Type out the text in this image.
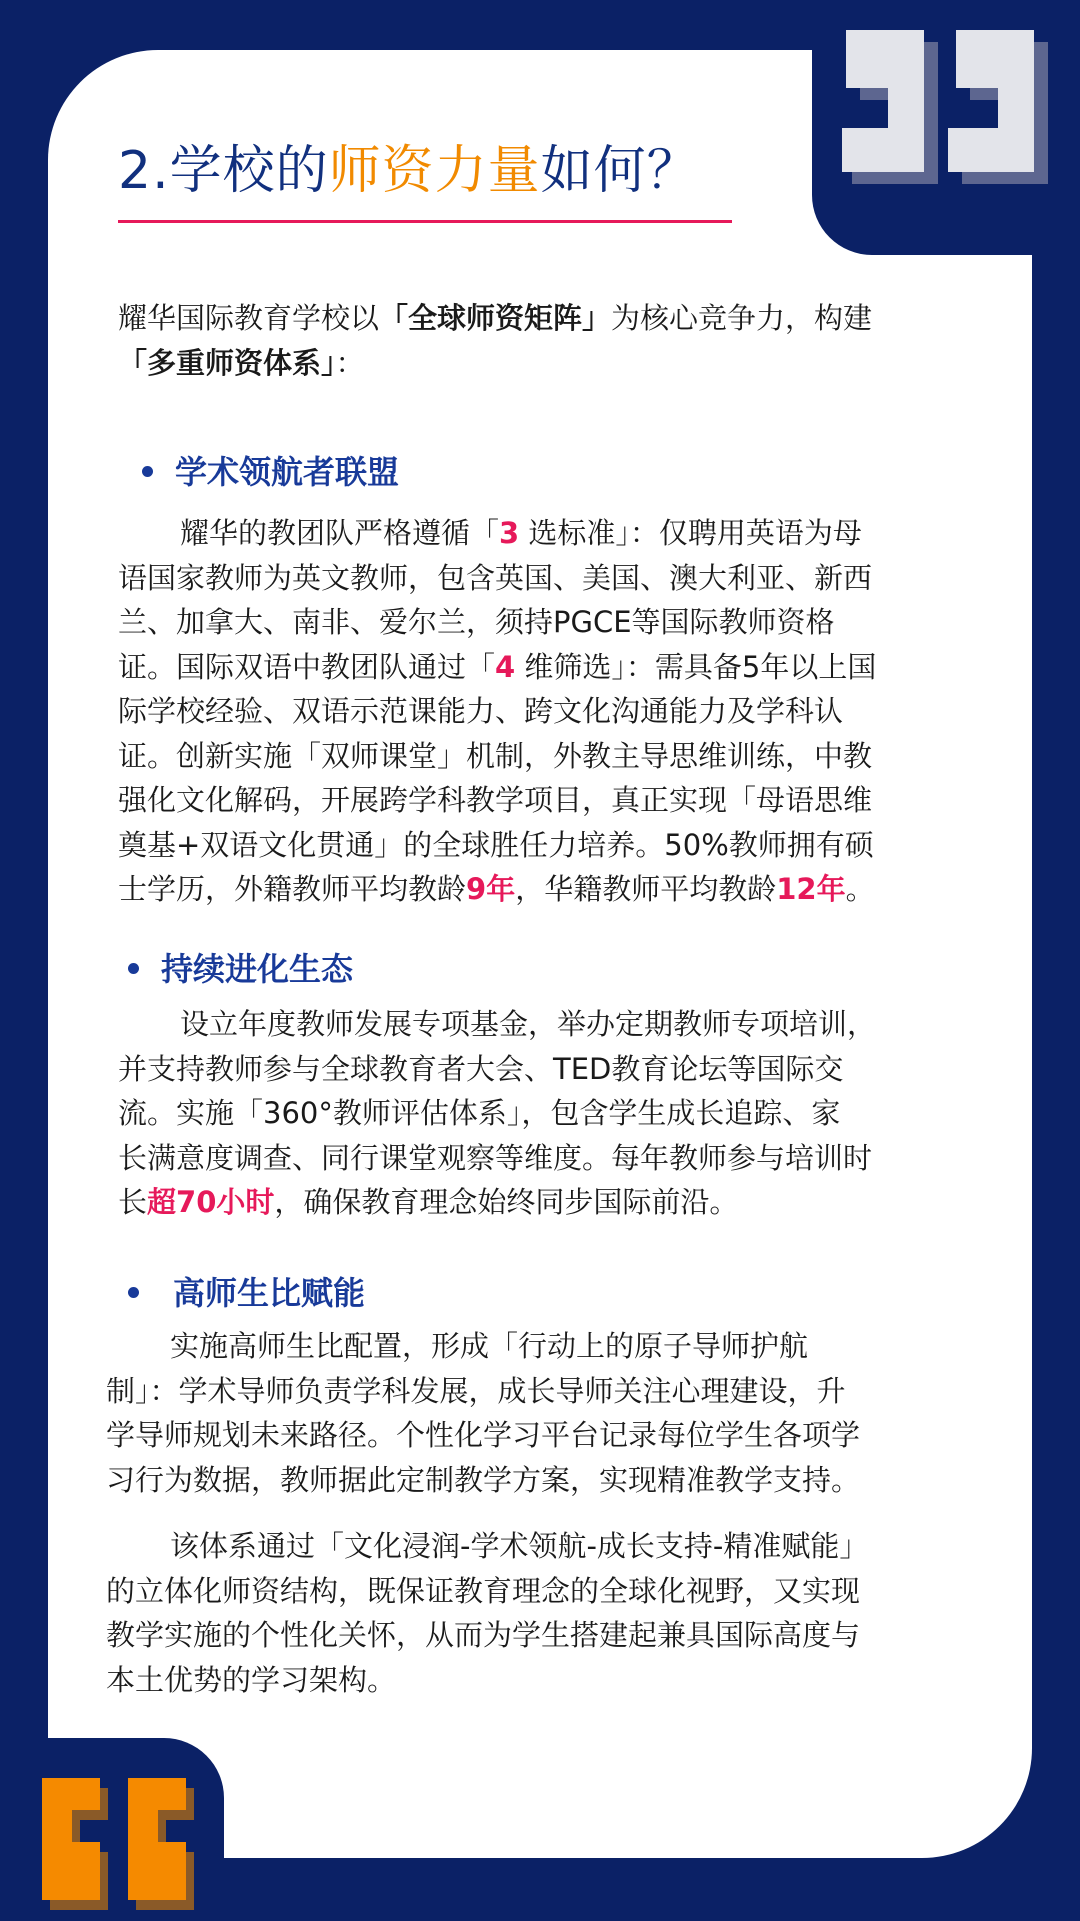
2.学校的师资力量如何？
耀华国际教育学校以「全球师资矩阵」为核心竞争力，构建
「多重师资体系」：
学术领航者联盟
耀华的教团队严格遵循「3 选标准」：仅聘用英语为母
语国家教师为英文教师，包含英国、美国、澳大利亚、新西
兰、加拿大、南非、爱尔兰，须持PGCE等国际教师资格
证。国际双语中教团队通过「4 维筛选」：需具备5年以上国
际学校经验、双语示范课能力、跨文化沟通能力及学科认
证。创新实施「双师课堂」机制，外教主导思维训练，中教
强化文化解码，开展跨学科教学项目，真正实现「母语思维
奠基+双语文化贯通」的全球胜任力培养。50%教师拥有硕
士学历，外籍教师平均教龄9年，华籍教师平均教龄12年。
持续进化生态
设立年度教师发展专项基金，举办定期教师专项培训，
并支持教师参与全球教育者大会、TED教育论坛等国际交
流。实施「360°教师评估体系」，包含学生成长追踪、家
长满意度调查、同行课堂观察等维度。每年教师参与培训时
长超70小时，确保教育理念始终同步国际前沿。
高师生比赋能
实施高师生比配置，形成「行动上的原子导师护航
制」：学术导师负责学科发展，成长导师关注心理建设，升
学导师规划未来路径。个性化学习平台记录每位学生各项学
习行为数据，教师据此定制教学方案，实现精准教学支持。
该体系通过「文化浸润-学术领航-成长支持-精准赋能」
的立体化师资结构，既保证教育理念的全球化视野，又实现
教学实施的个性化关怀，从而为学生搭建起兼具国际高度与
本土优势的学习架构。
